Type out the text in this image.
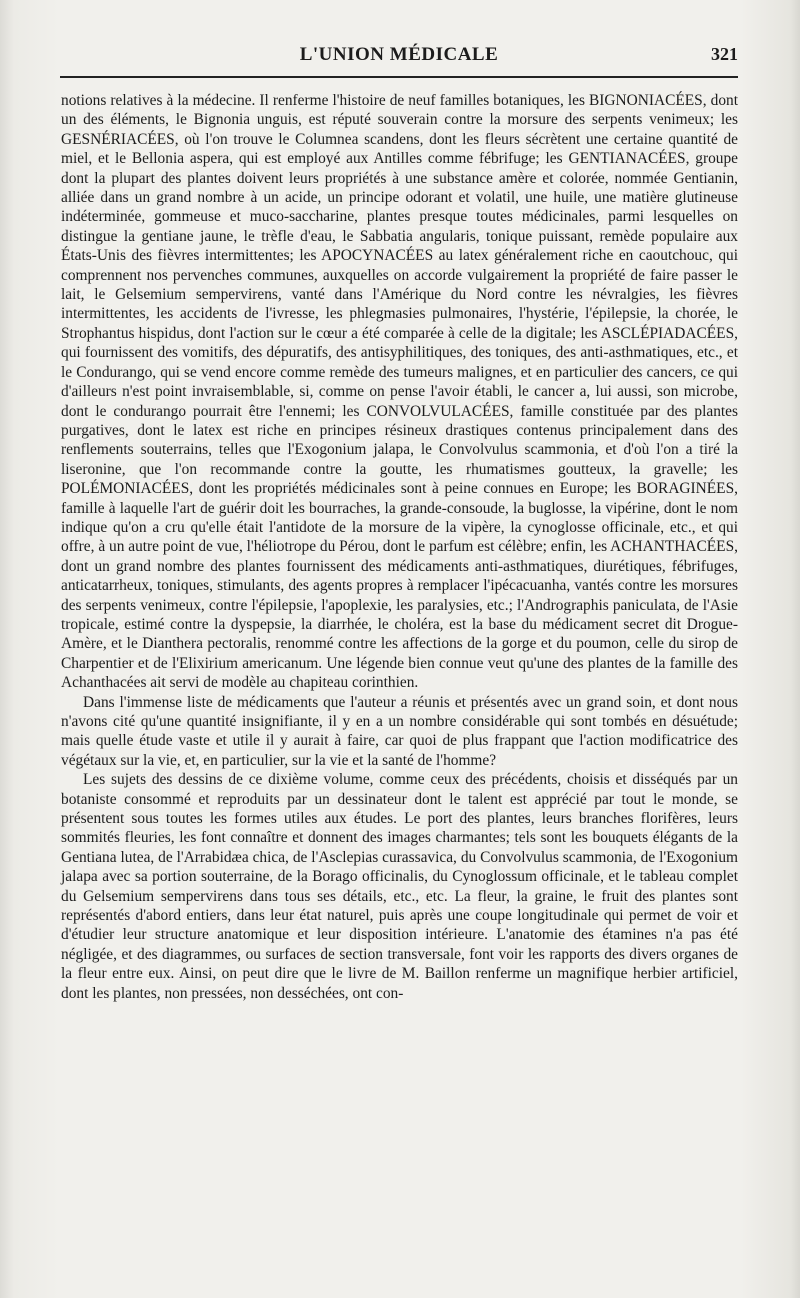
L'UNION MÉDICALE	321

notions relatives à la médecine. Il renferme l'histoire de neuf familles botaniques, les BIGNONIACÉES, dont un des éléments, le Bignonia unguis, est réputé souverain contre la morsure des serpents venimeux; les GESNÉRIACÉES, où l'on trouve le Columnea scandens, dont les fleurs sécrètent une certaine quantité de miel, et le Bellonia aspera, qui est employé aux Antilles comme fébrifuge; les GENTIANACÉES, groupe dont la plupart des plantes doivent leurs propriétés à une substance amère et colorée, nommée Gentianin, alliée dans un grand nombre à un acide, un principe odorant et volatil, une huile, une matière glutineuse indéterminée, gommeuse et muco-saccharine, plantes presque toutes médicinales, parmi lesquelles on distingue la gentiane jaune, le trèfle d'eau, le Sabbatia angularis, tonique puissant, remède populaire aux États-Unis des fièvres intermittentes; les APOCYNACÉES au latex généralement riche en caoutchouc, qui comprennent nos pervenches communes, auxquelles on accorde vulgairement la propriété de faire passer le lait, le Gelsemium sempervirens, vanté dans l'Amérique du Nord contre les névralgies, les fièvres intermittentes, les accidents de l'ivresse, les phlegmasies pulmonaires, l'hystérie, l'épilepsie, la chorée, le Strophantus hispidus, dont l'action sur le cœur a été comparée à celle de la digitale; les ASCLÉPIADACÉES, qui fournissent des vomitifs, des dépuratifs, des antisyphilitiques, des toniques, des anti-asthmatiques, etc., et le Condurango, qui se vend encore comme remède des tumeurs malignes, et en particulier des cancers, ce qui d'ailleurs n'est point invraisemblable, si, comme on pense l'avoir établi, le cancer a, lui aussi, son microbe, dont le condurango pourrait être l'ennemi; les CONVOLVULACÉES, famille constituée par des plantes purgatives, dont le latex est riche en principes résineux drastiques contenus principalement dans des renflements souterrains, telles que l'Exogonium jalapa, le Convolvulus scammonia, et d'où l'on a tiré la liseronine, que l'on recommande contre la goutte, les rhumatismes goutteux, la gravelle; les POLÉMONIACÉES, dont les propriétés médicinales sont à peine connues en Europe; les BORAGINÉES, famille à laquelle l'art de guérir doit les bourraches, la grande-consoude, la buglosse, la vipérine, dont le nom indique qu'on a cru qu'elle était l'antidote de la morsure de la vipère, la cynoglosse officinale, etc., et qui offre, à un autre point de vue, l'héliotrope du Pérou, dont le parfum est célèbre; enfin, les ACHANTHACÉES, dont un grand nombre des plantes fournissent des médicaments anti-asthmatiques, diurétiques, fébrifuges, anticatarrheux, toniques, stimulants, des agents propres à remplacer l'ipécacuanha, vantés contre les morsures des serpents venimeux, contre l'épilepsie, l'apoplexie, les paralysies, etc.; l'Andrographis paniculata, de l'Asie tropicale, estimé contre la dyspepsie, la diarrhée, le choléra, est la base du médicament secret dit Drogue-Amère, et le Dianthera pectoralis, renommé contre les affections de la gorge et du poumon, celle du sirop de Charpentier et de l'Elixirium americanum. Une légende bien connue veut qu'une des plantes de la famille des Achanthacées ait servi de modèle au chapiteau corinthien.

Dans l'immense liste de médicaments que l'auteur a réunis et présentés avec un grand soin, et dont nous n'avons cité qu'une quantité insignifiante, il y en a un nombre considérable qui sont tombés en désuétude; mais quelle étude vaste et utile il y aurait à faire, car quoi de plus frappant que l'action modificatrice des végétaux sur la vie, et, en particulier, sur la vie et la santé de l'homme?

Les sujets des dessins de ce dixième volume, comme ceux des précédents, choisis et disséqués par un botaniste consommé et reproduits par un dessinateur dont le talent est apprécié par tout le monde, se présentent sous toutes les formes utiles aux études. Le port des plantes, leurs branches florifères, leurs sommités fleuries, les font connaître et donnent des images charmantes; tels sont les bouquets élégants de la Gentiana lutea, de l'Arrabidæa chica, de l'Asclepias curassavica, du Convolvulus scammonia, de l'Exogonium jalapa avec sa portion souterraine, de la Borago officinalis, du Cynoglossum officinale, et le tableau complet du Gelsemium sempervirens dans tous ses détails, etc., etc. La fleur, la graine, le fruit des plantes sont représentés d'abord entiers, dans leur état naturel, puis après une coupe longitudinale qui permet de voir et d'étudier leur structure anatomique et leur disposition intérieure. L'anatomie des étamines n'a pas été négligée, et des diagrammes, ou surfaces de section transversale, font voir les rapports des divers organes de la fleur entre eux. Ainsi, on peut dire que le livre de M. Baillon renferme un magnifique herbier artificiel, dont les plantes, non pressées, non desséchées, ont con-
